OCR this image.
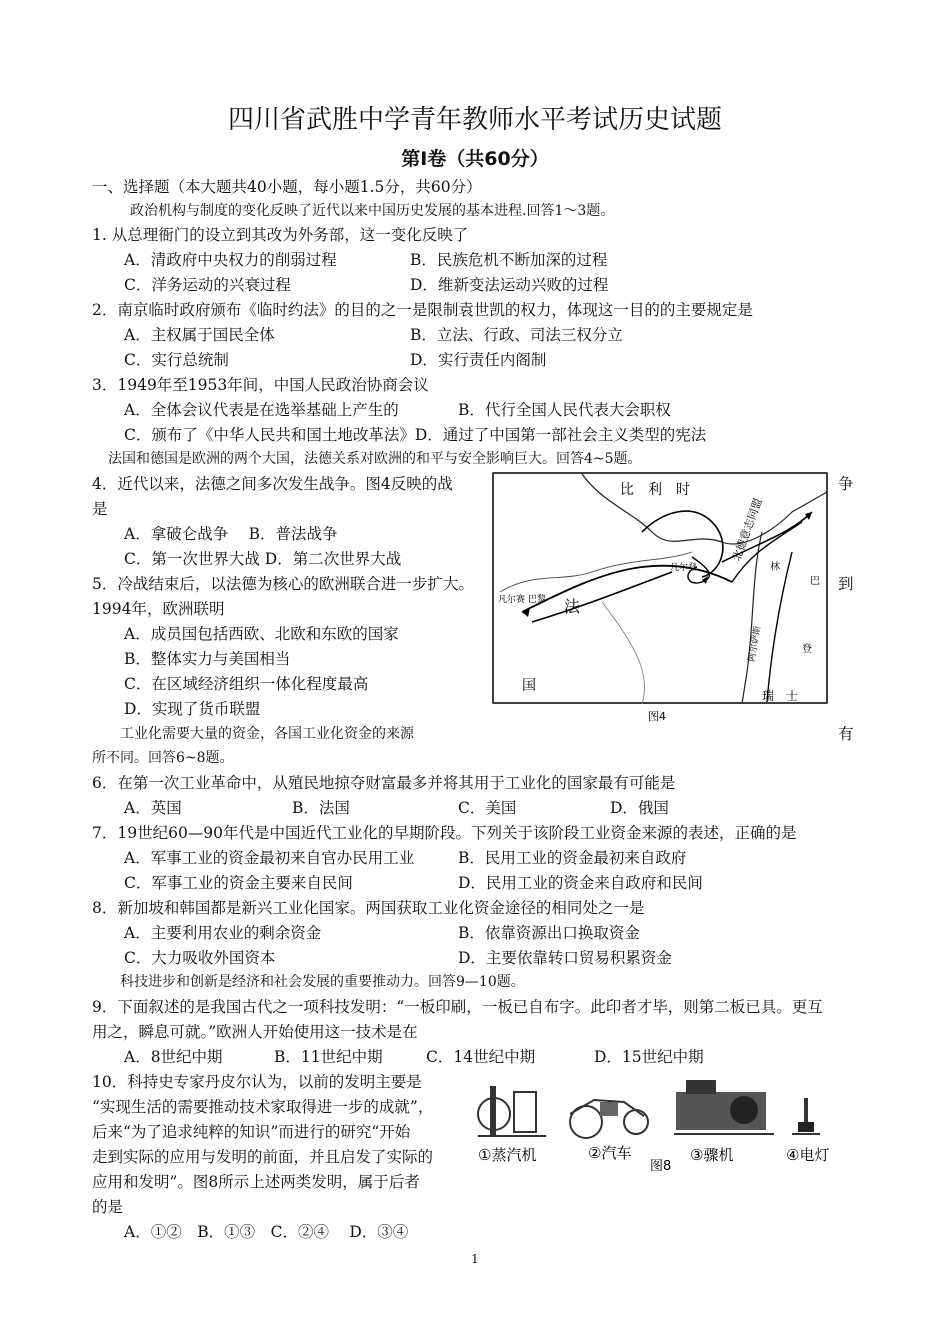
四川省武胜中学青年教师水平考试历史试题
第Ⅰ卷（共60分）
一、选择题（本大题共40小题，每小题1.5分，共60分）
政治机构与制度的变化反映了近代以来中国历史发展的基本进程.回答1～3题。
1. 从总理衙门的设立到其改为外务部，这一变化反映了
A．清政府中央权力的削弱过程	B．民族危机不断加深的过程
C．洋务运动的兴衰过程	D．维新变法运动兴败的过程
2．南京临时政府颁布《临时约法》的目的之一是限制袁世凯的权力，体现这一目的的主要规定是
A．主权属于国民全体	B．立法、行政、司法三权分立
C．实行总统制	D．实行责任内阁制
3．1949年至1953年间，中国人民政治协商会议
A．全体会议代表是在选举基础上产生的	B．代行全国人民代表大会职权
C．颁布了《中华人民共和国土地改革法》D．通过了中国第一部社会主义类型的宪法
法国和德国是欧洲的两个大国，法德关系对欧洲的和平与安全影响巨大。回答4~5题。
4．近代以来，法德之间多次发生战争。图4反映的战	争
是
A．拿破仑战争　 B．普法战争
C．第一次世界大战 D．第二次世界大战
5．冷战结束后，以法德为核心的欧洲联合进一步扩大。	到
1994年，欧洲联明
A．成员国包括西欧、北欧和东欧的国家
B．整体实力与美国相当
C．在区域经济组织一体化程度最高
D．实现了货币联盟
工业化需要大量的资金，各国工业化资金的来源	有
所不同。回答6~8题。
比　利　时
北德意志同盟
凡尔赛 巴黎
凡尔登
法
国
林
巴
登
阿尔萨斯
瑞　士
图4
6．在第一次工业革命中，从殖民地掠夺财富最多并将其用于工业化的国家最有可能是
A．英国	B．法国	C．美国	D．俄国
7．19世纪60—90年代是中国近代工业化的早期阶段。下列关于该阶段工业资金来源的表述，正确的是
A．军事工业的资金最初来自官办民用工业	B．民用工业的资金最初来自政府
C．军事工业的资金主要来自民间	D．民用工业的资金来自政府和民间
8．新加坡和韩国都是新兴工业化国家。两国获取工业化资金途径的相同处之一是
A．主要利用农业的剩余资金	B．依靠资源出口换取资金
C．大力吸收外国资本	D．主要依靠转口贸易积累资金
科技进步和创新是经济和社会发展的重要推动力。回答9—10题。
9．下面叙述的是我国古代之一项科技发明：“一板印刷，一板已自布字。此印者才毕，则第二板已具。更互
用之，瞬息可就。”欧洲人开始使用这一技术是在
A．8世纪中期	B．11世纪中期	C．14世纪中期	D．15世纪中期
10．科持史专家丹皮尔认为，以前的发明主要是
“实现生活的需要推动技术家取得进一步的成就”，
后来“为了追求纯粹的知识”而进行的研究“开始
走到实际的应用与发明的前面，并且启发了实际的
应用和发明”。图8所示上述两类发明，属于后者
的是
A．①②　B．①③　C．②④　 D．③④
①蒸汽机	②汽车
图8
③骤机	④电灯
1
